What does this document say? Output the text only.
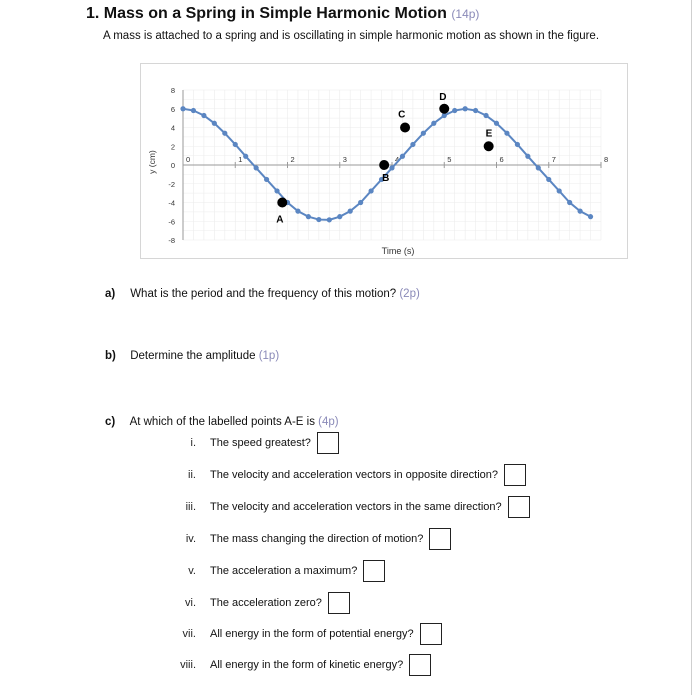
1. Mass on a Spring in Simple Harmonic Motion (14p)
A mass is attached to a spring and is oscillating in simple harmonic motion as shown in the figure.
0	1	2	3	4	5	6	7	8
8
6
4
2
0
-2
-4
-6
-8
Time (s)
y (cm)
A
B
C
D
E
a) What is the period and the frequency of this motion? (2p)
b) Determine the amplitude (1p)
c) At which of the labelled points A-E is (4p)
i. The speed greatest?
ii. The velocity and acceleration vectors in opposite direction?
iii. The velocity and acceleration vectors in the same direction?
iv. The mass changing the direction of motion?
v. The acceleration a maximum?
vi. The acceleration zero?
vii. All energy in the form of potential energy?
viii. All energy in the form of kinetic energy?
